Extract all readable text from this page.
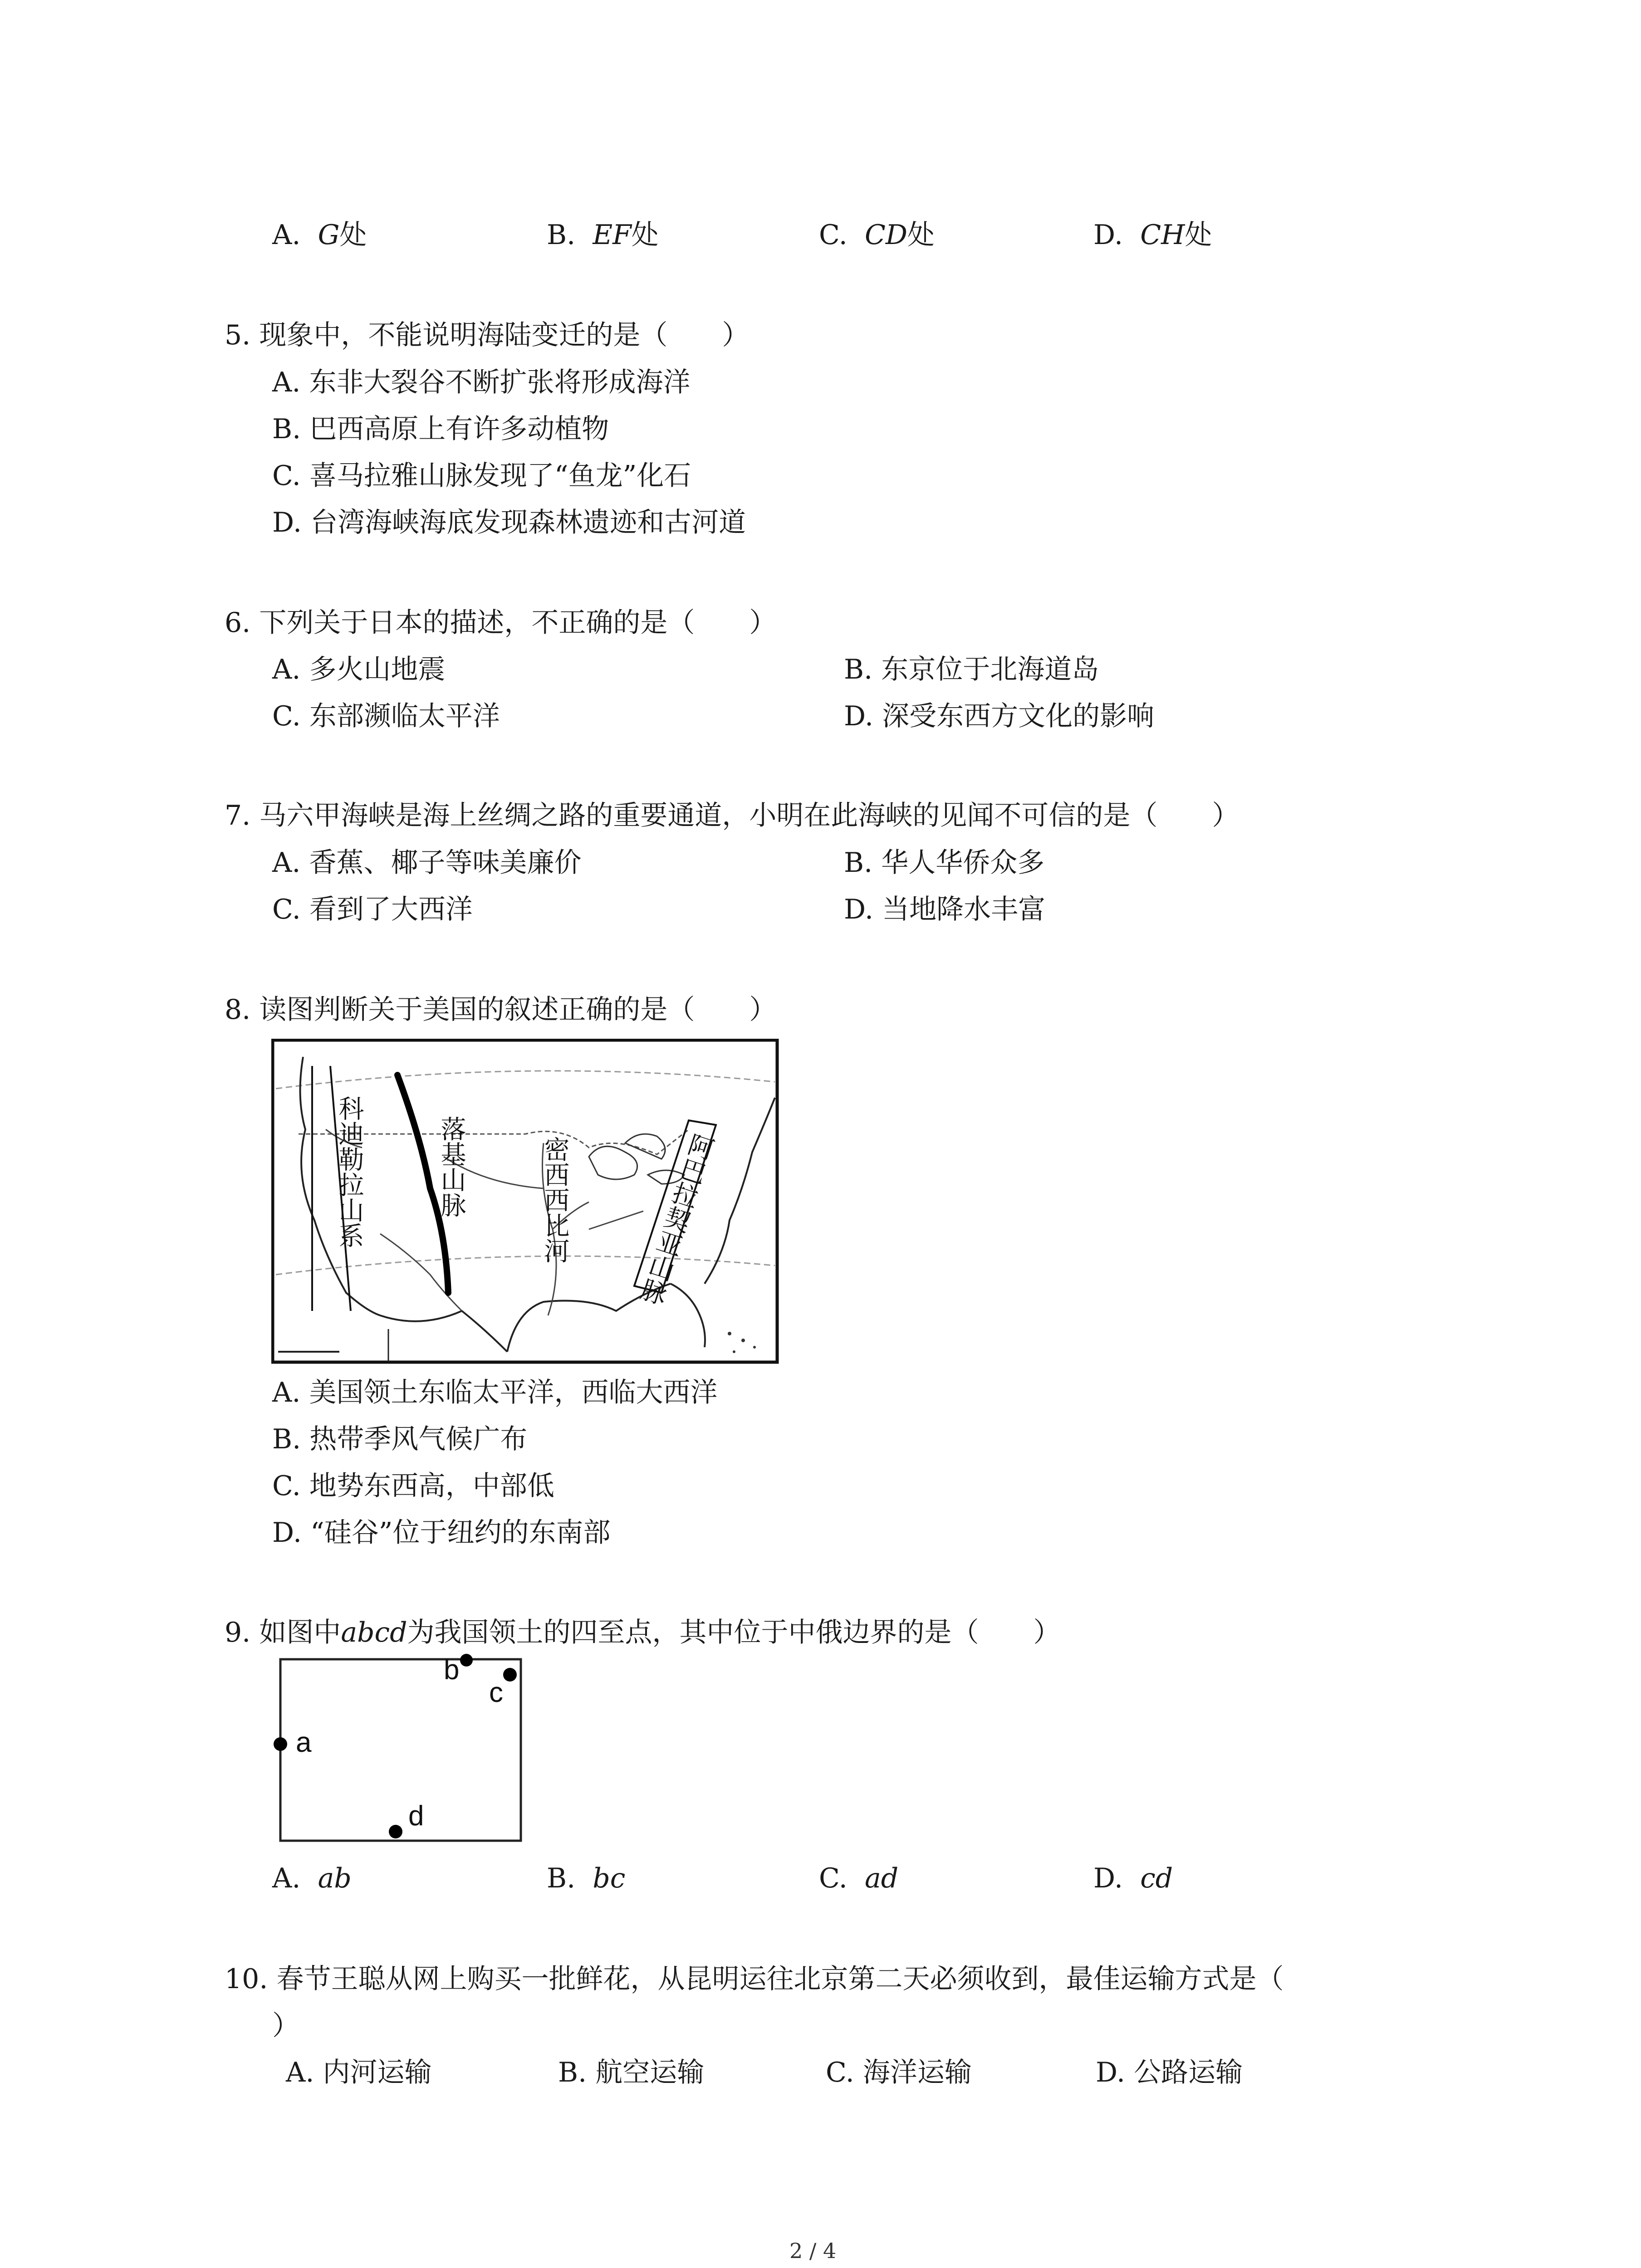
A. G处	B. EF处	C. CD处	D. CH处
5. 现象中，不能说明海陆变迁的是（　　）
A. 东非大裂谷不断扩张将形成海洋
B. 巴西高原上有许多动植物
C. 喜马拉雅山脉发现了“鱼龙”化石
D. 台湾海峡海底发现森林遗迹和古河道
6. 下列关于日本的描述，不正确的是（　　）
A. 多火山地震	B. 东京位于北海道岛
C. 东部濒临太平洋	D. 深受东西方文化的影响
7. 马六甲海峡是海上丝绸之路的重要通道，小明在此海峡的见闻不可信的是（　　）
A. 香蕉、椰子等味美廉价	B. 华人华侨众多
C. 看到了大西洋	D. 当地降水丰富
8. 读图判断关于美国的叙述正确的是（　　）
科迪勒拉山系	落基山脉	密西西比河	阿巴拉契亚山脉
A. 美国领土东临太平洋，西临大西洋
B. 热带季风气候广布
C. 地势东西高，中部低
D. “硅谷”位于纽约的东南部
9. 如图中abcd为我国领土的四至点，其中位于中俄边界的是（　　）
a
b
c
d
A. ab	B. bc	C. ad	D. cd
10. 春节王聪从网上购买一批鲜花，从昆明运往北京第二天必须收到，最佳运输方式是（
）
A. 内河运输	B. 航空运输	C. 海洋运输	D. 公路运输
2 / 4
